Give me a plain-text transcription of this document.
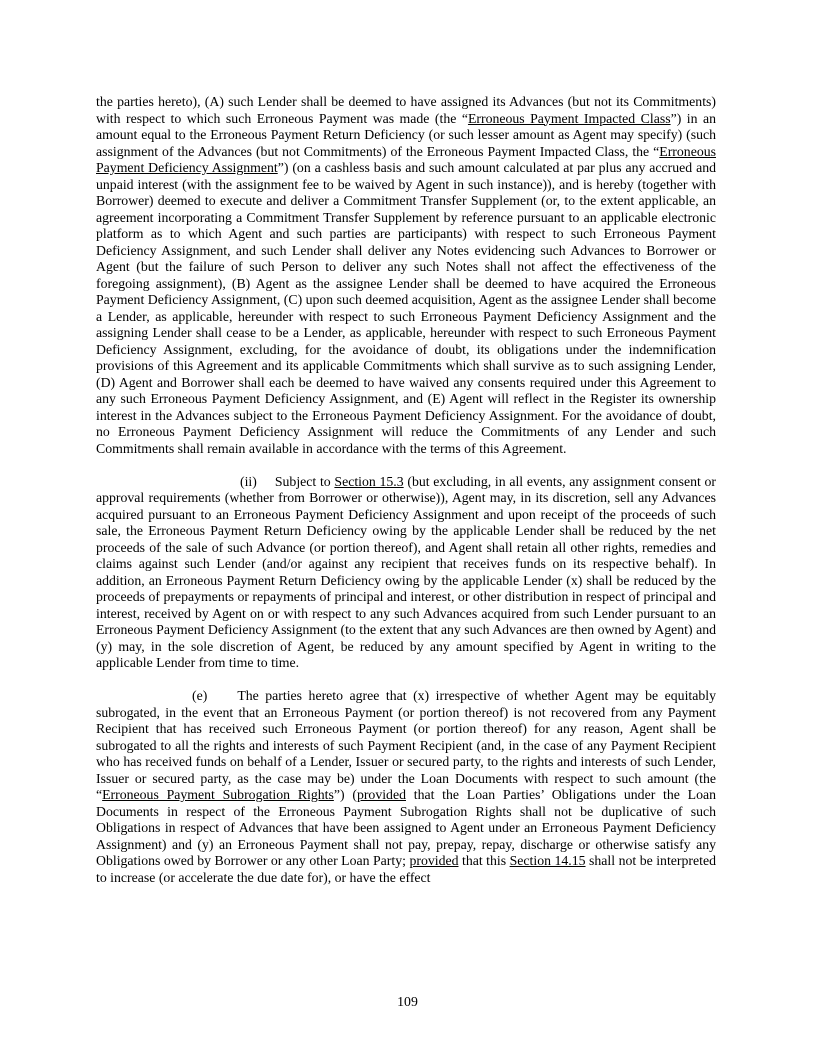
the parties hereto), (A) such Lender shall be deemed to have assigned its Advances (but not its Commitments) with respect to which such Erroneous Payment was made (the “Erroneous Payment Impacted Class”) in an amount equal to the Erroneous Payment Return Deficiency (or such lesser amount as Agent may specify) (such assignment of the Advances (but not Commitments) of the Erroneous Payment Impacted Class, the “Erroneous Payment Deficiency Assignment”) (on a cashless basis and such amount calculated at par plus any accrued and unpaid interest (with the assignment fee to be waived by Agent in such instance)), and is hereby (together with Borrower) deemed to execute and deliver a Commitment Transfer Supplement (or, to the extent applicable, an agreement incorporating a Commitment Transfer Supplement by reference pursuant to an applicable electronic platform as to which Agent and such parties are participants) with respect to such Erroneous Payment Deficiency Assignment, and such Lender shall deliver any Notes evidencing such Advances to Borrower or Agent (but the failure of such Person to deliver any such Notes shall not affect the effectiveness of the foregoing assignment), (B) Agent as the assignee Lender shall be deemed to have acquired the Erroneous Payment Deficiency Assignment, (C) upon such deemed acquisition, Agent as the assignee Lender shall become a Lender, as applicable, hereunder with respect to such Erroneous Payment Deficiency Assignment and the assigning Lender shall cease to be a Lender, as applicable, hereunder with respect to such Erroneous Payment Deficiency Assignment, excluding, for the avoidance of doubt, its obligations under the indemnification provisions of this Agreement and its applicable Commitments which shall survive as to such assigning Lender, (D) Agent and Borrower shall each be deemed to have waived any consents required under this Agreement to any such Erroneous Payment Deficiency Assignment, and (E) Agent will reflect in the Register its ownership interest in the Advances subject to the Erroneous Payment Deficiency Assignment. For the avoidance of doubt, no Erroneous Payment Deficiency Assignment will reduce the Commitments of any Lender and such Commitments shall remain available in accordance with the terms of this Agreement.

(ii) Subject to Section 15.3 (but excluding, in all events, any assignment consent or approval requirements (whether from Borrower or otherwise)), Agent may, in its discretion, sell any Advances acquired pursuant to an Erroneous Payment Deficiency Assignment and upon receipt of the proceeds of such sale, the Erroneous Payment Return Deficiency owing by the applicable Lender shall be reduced by the net proceeds of the sale of such Advance (or portion thereof), and Agent shall retain all other rights, remedies and claims against such Lender (and/or against any recipient that receives funds on its respective behalf). In addition, an Erroneous Payment Return Deficiency owing by the applicable Lender (x) shall be reduced by the proceeds of prepayments or repayments of principal and interest, or other distribution in respect of principal and interest, received by Agent on or with respect to any such Advances acquired from such Lender pursuant to an Erroneous Payment Deficiency Assignment (to the extent that any such Advances are then owned by Agent) and (y) may, in the sole discretion of Agent, be reduced by any amount specified by Agent in writing to the applicable Lender from time to time.

(e) The parties hereto agree that (x) irrespective of whether Agent may be equitably subrogated, in the event that an Erroneous Payment (or portion thereof) is not recovered from any Payment Recipient that has received such Erroneous Payment (or portion thereof) for any reason, Agent shall be subrogated to all the rights and interests of such Payment Recipient (and, in the case of any Payment Recipient who has received funds on behalf of a Lender, Issuer or secured party, to the rights and interests of such Lender, Issuer or secured party, as the case may be) under the Loan Documents with respect to such amount (the “Erroneous Payment Subrogation Rights”) (provided that the Loan Parties’ Obligations under the Loan Documents in respect of the Erroneous Payment Subrogation Rights shall not be duplicative of such Obligations in respect of Advances that have been assigned to Agent under an Erroneous Payment Deficiency Assignment) and (y) an Erroneous Payment shall not pay, prepay, repay, discharge or otherwise satisfy any Obligations owed by Borrower or any other Loan Party; provided that this Section 14.15 shall not be interpreted to increase (or accelerate the due date for), or have the effect

109
